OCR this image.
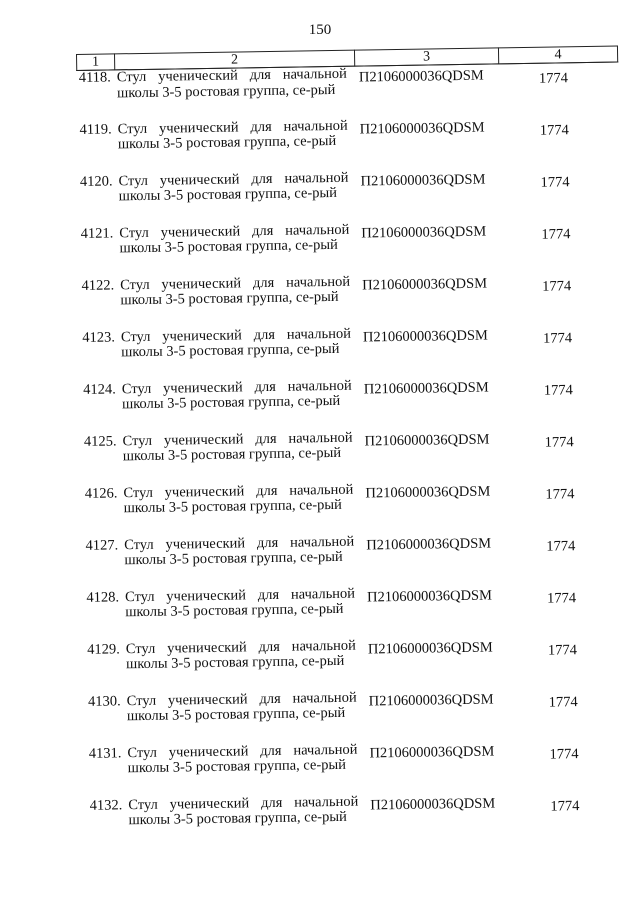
150
1	2	3	4
4118.	Стул ученический для начальной школы 3-5 ростовая группа, се-рый	П2106000036QDSM	1774
4119.	Стул ученический для начальной школы 3-5 ростовая группа, се-рый	П2106000036QDSM	1774
4120.	Стул ученический для начальной школы 3-5 ростовая группа, се-рый	П2106000036QDSM	1774
4121.	Стул ученический для начальной школы 3-5 ростовая группа, се-рый	П2106000036QDSM	1774
4122.	Стул ученический для начальной школы 3-5 ростовая группа, се-рый	П2106000036QDSM	1774
4123.	Стул ученический для начальной школы 3-5 ростовая группа, се-рый	П2106000036QDSM	1774
4124.	Стул ученический для начальной школы 3-5 ростовая группа, се-рый	П2106000036QDSM	1774
4125.	Стул ученический для начальной школы 3-5 ростовая группа, се-рый	П2106000036QDSM	1774
4126.	Стул ученический для начальной школы 3-5 ростовая группа, се-рый	П2106000036QDSM	1774
4127.	Стул ученический для начальной школы 3-5 ростовая группа, се-рый	П2106000036QDSM	1774
4128.	Стул ученический для начальной школы 3-5 ростовая группа, се-рый	П2106000036QDSM	1774
4129.	Стул ученический для начальной школы 3-5 ростовая группа, се-рый	П2106000036QDSM	1774
4130.	Стул ученический для начальной школы 3-5 ростовая группа, се-рый	П2106000036QDSM	1774
4131.	Стул ученический для начальной школы 3-5 ростовая группа, се-рый	П2106000036QDSM	1774
4132.	Стул ученический для начальной школы 3-5 ростовая группа, се-рый	П2106000036QDSM	1774
